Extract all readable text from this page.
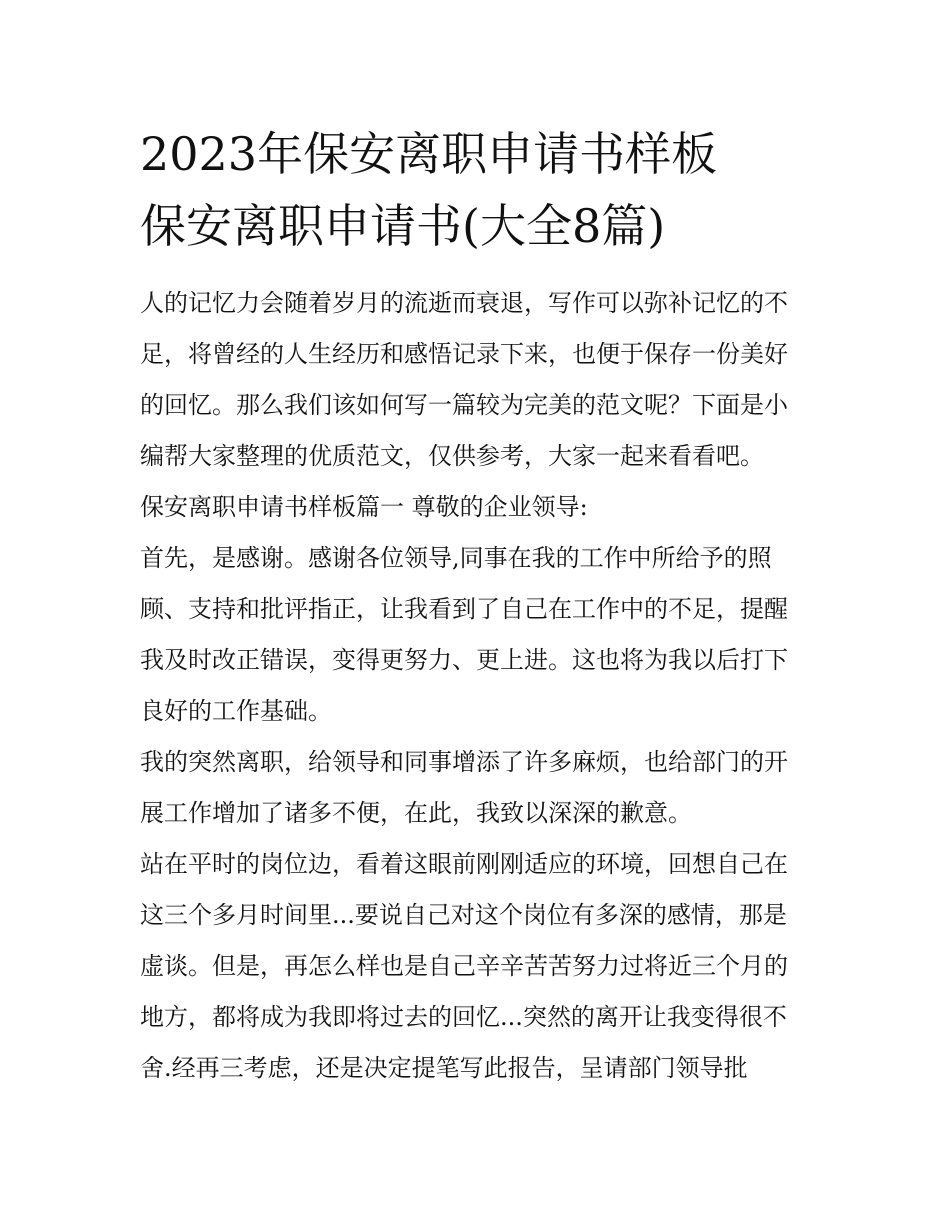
2023年保安离职申请书样板
保安离职申请书(大全8篇)

人的记忆力会随着岁月的流逝而衰退，写作可以弥补记忆的不
足，将曾经的人生经历和感悟记录下来，也便于保存一份美好
的回忆。那么我们该如何写一篇较为完美的范文呢？下面是小
编帮大家整理的优质范文，仅供参考，大家一起来看看吧。

保安离职申请书样板篇一 尊敬的企业领导:

首先，是感谢。感谢各位领导,同事在我的工作中所给予的照
顾、支持和批评指正，让我看到了自己在工作中的不足，提醒
我及时改正错误，变得更努力、更上进。这也将为我以后打下
良好的工作基础。

我的突然离职，给领导和同事增添了许多麻烦，也给部门的开
展工作增加了诸多不便，在此，我致以深深的歉意。

站在平时的岗位边，看着这眼前刚刚适应的环境，回想自己在
这三个多月时间里...要说自己对这个岗位有多深的感情，那是
虚谈。但是，再怎么样也是自己辛辛苦苦努力过将近三个月的
地方，都将成为我即将过去的回忆...突然的离开让我变得很不
舍.经再三考虑，还是决定提笔写此报告，呈请部门领导批
